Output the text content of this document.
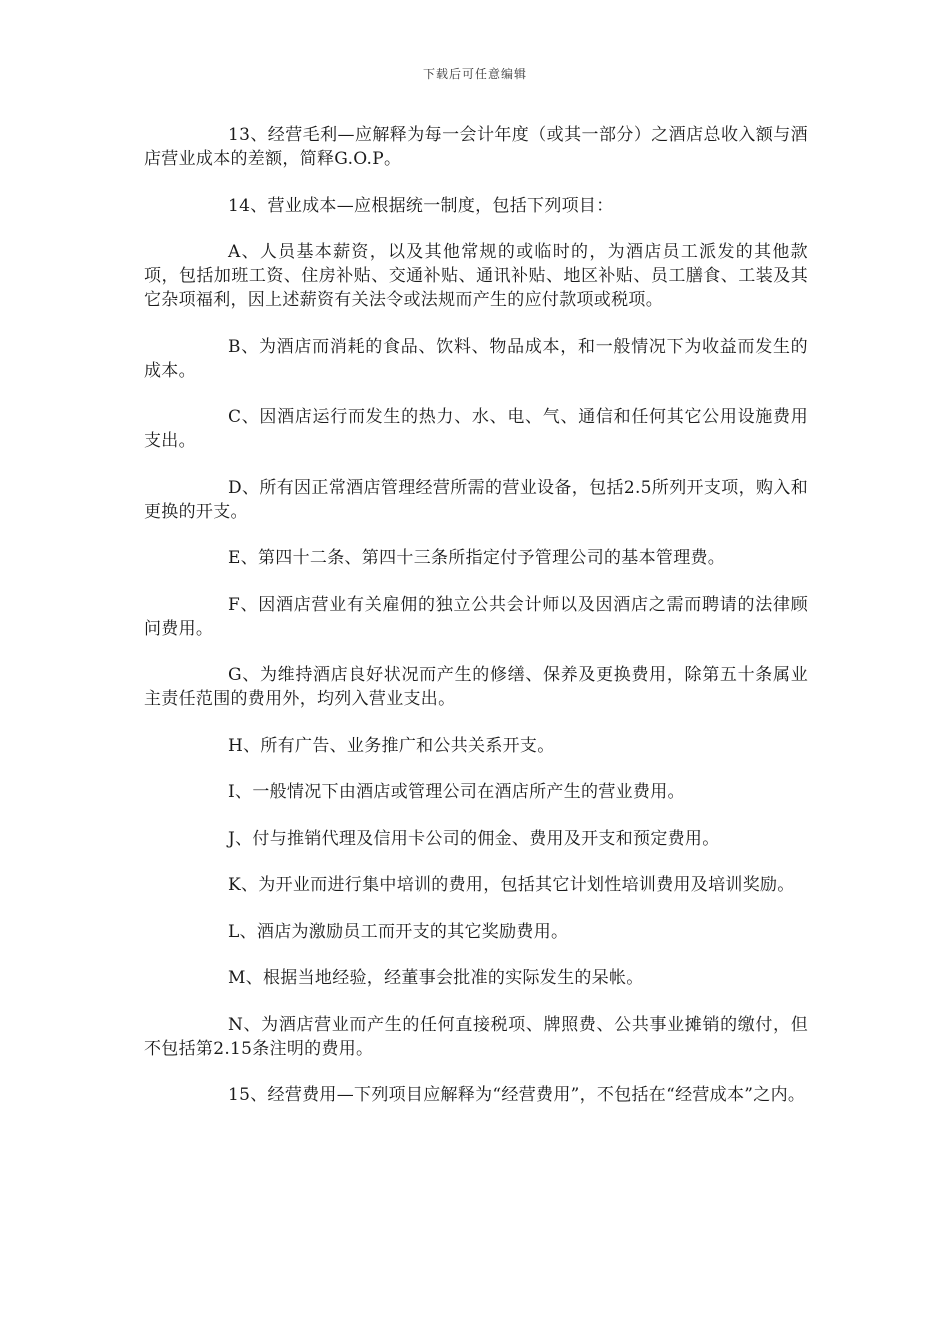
下载后可任意编辑

13、经营毛利—应解释为每一会计年度（或其一部分）之酒店总收入额与酒店营业成本的差额，简释G.O.P。

14、营业成本—应根据统一制度，包括下列项目：

A、人员基本薪资，以及其他常规的或临时的，为酒店员工派发的其他款项，包括加班工资、住房补贴、交通补贴、通讯补贴、地区补贴、员工膳食、工装及其它杂项福利，因上述薪资有关法令或法规而产生的应付款项或税项。

B、为酒店而消耗的食品、饮料、物品成本，和一般情况下为收益而发生的成本。

C、因酒店运行而发生的热力、水、电、气、通信和任何其它公用设施费用支出。

D、所有因正常酒店管理经营所需的营业设备，包括2.5所列开支项，购入和更换的开支。

E、第四十二条、第四十三条所指定付予管理公司的基本管理费。

F、因酒店营业有关雇佣的独立公共会计师以及因酒店之需而聘请的法律顾问费用。

G、为维持酒店良好状况而产生的修缮、保养及更换费用，除第五十条属业主责任范围的费用外，均列入营业支出。

H、所有广告、业务推广和公共关系开支。

I、一般情况下由酒店或管理公司在酒店所产生的营业费用。

J、付与推销代理及信用卡公司的佣金、费用及开支和预定费用。

K、为开业而进行集中培训的费用，包括其它计划性培训费用及培训奖励。

L、酒店为激励员工而开支的其它奖励费用。

M、根据当地经验，经董事会批准的实际发生的呆帐。

N、为酒店营业而产生的任何直接税项、牌照费、公共事业摊销的缴付，但不包括第2.15条注明的费用。

15、经营费用—下列项目应解释为“经营费用”，不包括在“经营成本”之内。
